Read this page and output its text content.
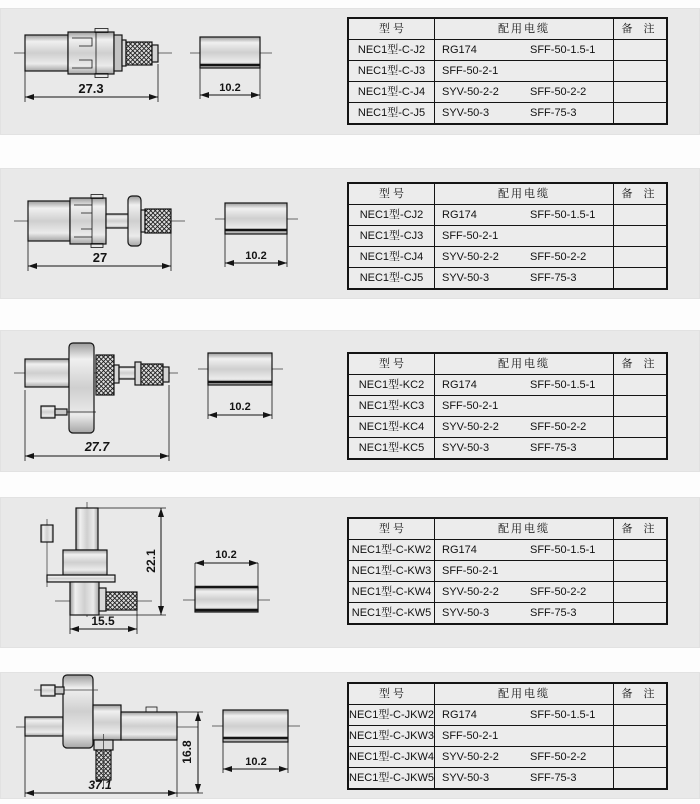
27.3	10.2
型 号	配用电缆	备 注
NEC1型-C-J2	RG174	SFF-50-1.5-1
NEC1型-C-J3	SFF-50-2-1
NEC1型-C-J4	SYV-50-2-2	SFF-50-2-2
NEC1型-C-J5	SYV-50-3	SFF-75-3
27	10.2
型 号	配用电缆	备 注
NEC1型-CJ2	RG174	SFF-50-1.5-1
NEC1型-CJ3	SFF-50-2-1
NEC1型-CJ4	SYV-50-2-2	SFF-50-2-2
NEC1型-CJ5	SYV-50-3	SFF-75-3
27.7
10.2
型 号	配用电缆	备 注
NEC1型-KC2	RG174	SFF-50-1.5-1
NEC1型-KC3	SFF-50-2-1
NEC1型-KC4	SYV-50-2-2	SFF-50-2-2
NEC1型-KC5	SYV-50-3	SFF-75-3
22.1
15.5
10.2
型 号	配用电缆	备 注
NEC1型-C-KW2 RG174	SFF-50-1.5-1
NEC1型-C-KW3 SFF-50-2-1
NEC1型-C-KW4 SYV-50-2-2	SFF-50-2-2
NEC1型-C-KW5 SYV-50-3	SFF-75-3
16.8
37.1
10.2
型 号	配用电缆	备 注
NEC1型-C-JKW2 RG174	SFF-50-1.5-1
NEC1型-C-JKW3 SFF-50-2-1
NEC1型-C-JKW4 SYV-50-2-2	SFF-50-2-2
NEC1型-C-JKW5 SYV-50-3	SFF-75-3
